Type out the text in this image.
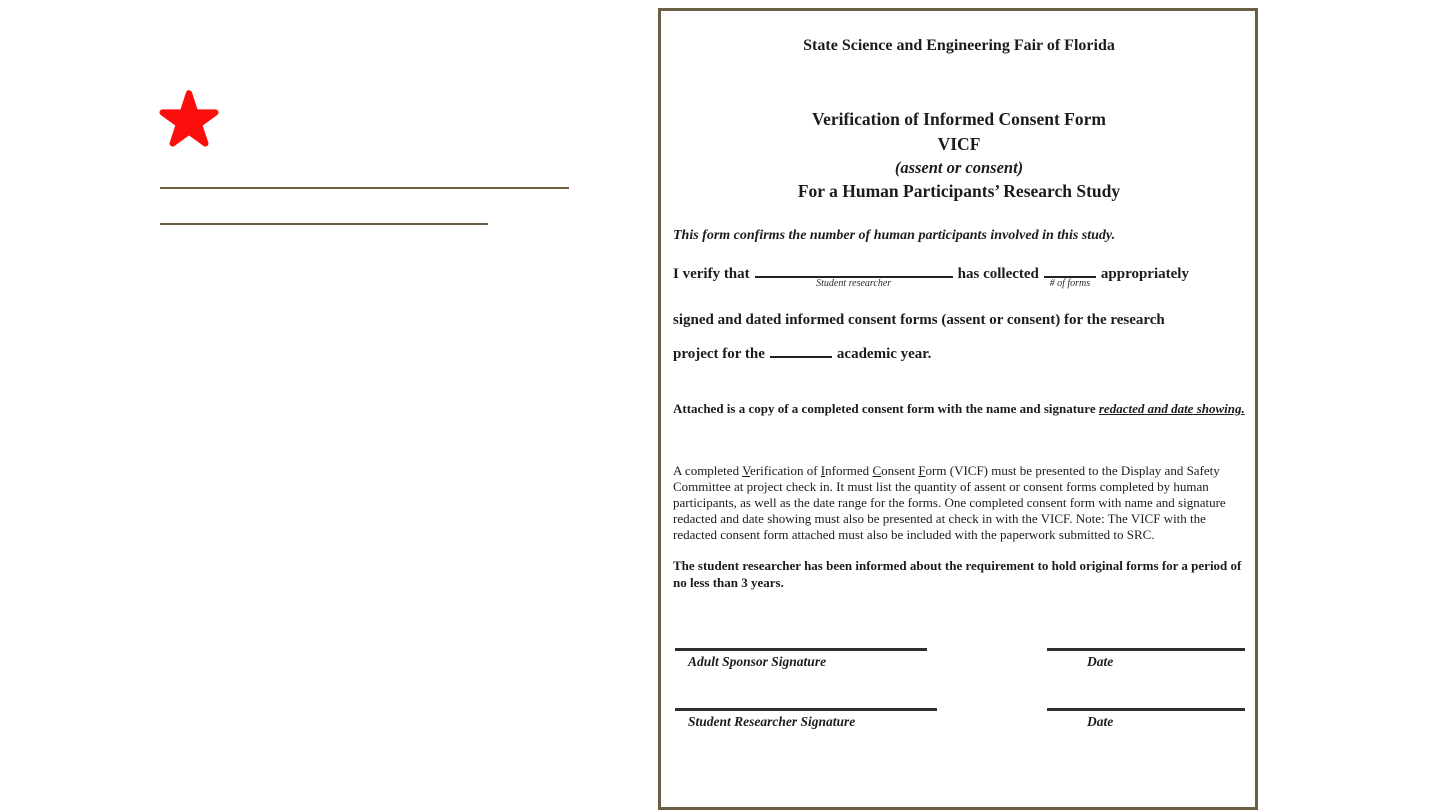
State Science and Engineering Fair of Florida
Verification of Informed Consent Form
VICF
(assent or consent)
For a Human Participants’ Research Study
This form confirms the number of human participants involved in this study.
I verify that
Student researcher
has collected
# of forms
appropriately
signed and dated informed consent forms (assent or consent) for the research
project for the	academic year.
Attached is a copy of a completed consent form with the name and signature redacted and date showing.
A completed Verification of Informed Consent Form (VICF) must be presented to the Display and Safety Committee at project check in. It must list the quantity of assent or consent forms completed by human participants, as well as the date range for the forms. One completed consent form with name and signature redacted and date showing must also be presented at check in with the VICF. Note: The VICF with the redacted consent form attached must also be included with the paperwork submitted to SRC.
The student researcher has been informed about the requirement to hold original forms for a period of no less than 3 years.
Adult Sponsor Signature	Date
Student Researcher Signature	Date
